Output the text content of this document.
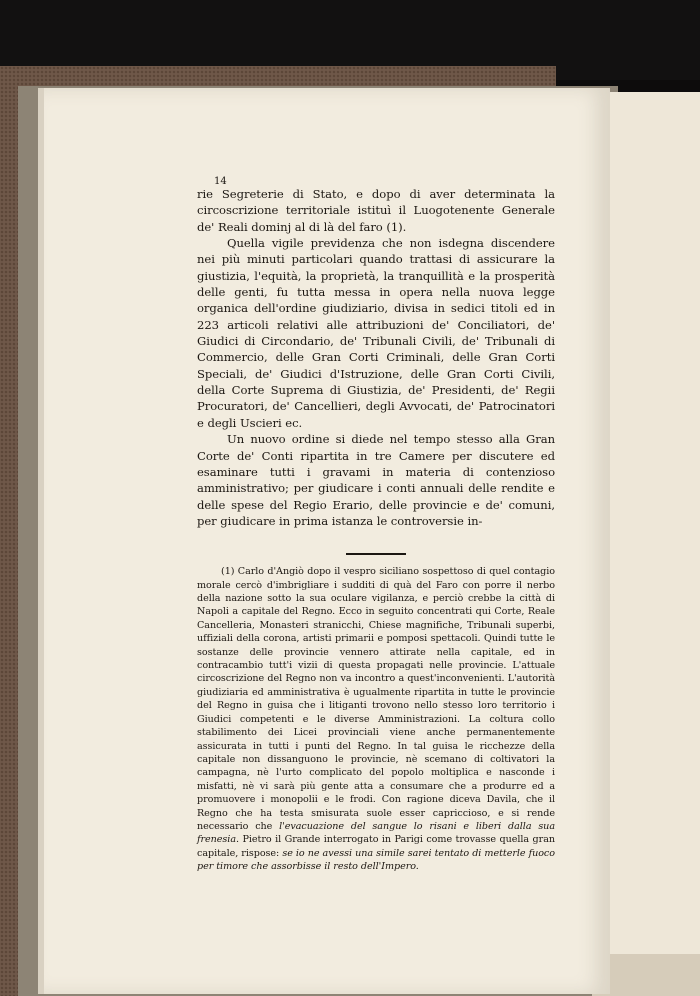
14

rie Segreterie di Stato, e dopo di aver determinata la circoscrizione territoriale istituì il Luogotenente Generale de' Reali dominj al di là del faro (1).

Quella vigile previdenza che non isdegna discendere nei più minuti particolari quando trattasi di assicurare la giustizia, l'equità, la proprietà, la tranquillità e la prosperità delle genti, fu tutta messa in opera nella nuova legge organica dell'ordine giudiziario, divisa in sedici titoli ed in 223 articoli relativi alle attribuzioni de' Conciliatori, de' Giudici di Circondario, de' Tribunali Civili, de' Tribunali di Commercio, delle Gran Corti Criminali, delle Gran Corti Speciali, de' Giudici d'Istruzione, delle Gran Corti Civili, della Corte Suprema di Giustizia, de' Presidenti, de' Regii Procuratori, de' Cancellieri, degli Avvocati, de' Patrocinatori e degli Uscieri ec.

Un nuovo ordine si diede nel tempo stesso alla Gran Corte de' Conti ripartita in tre Camere per discutere ed esaminare tutti i gravami in materia di contenzioso amministrativo; per giudicare i conti annuali delle rendite e delle spese del Regio Erario, delle provincie e de' comuni, per giudicare in prima istanza le controversie in-

(1) Carlo d'Angiò dopo il vespro siciliano sospettoso di quel contagio morale cercò d'imbrigliare i sudditi di quà del Faro con porre il nerbo della nazione sotto la sua oculare vigilanza, e perciò crebbe la città di Napoli a capitale del Regno. Ecco in seguito concentrati qui Corte, Reale Cancelleria, Monasteri stranicchi, Chiese magnifiche, Tribunali superbi, uffiziali della corona, artisti primarii e pomposi spettacoli. Quindi tutte le sostanze delle provincie vennero attirate nella capitale, ed in contracambio tutt'i vizii di questa propagati nelle provincie. L'attuale circoscrizione del Regno non va incontro a quest'inconvenienti. L'autorità giudiziaria ed amministrativa è ugualmente ripartita in tutte le provincie del Regno in guisa che i litiganti trovono nello stesso loro territorio i Giudici competenti e le diverse Amministrazioni. La coltura collo stabilimento dei Licei provinciali viene anche permanentemente assicurata in tutti i punti del Regno. In tal guisa le ricchezze della capitale non dissanguono le provincie, nè scemano di coltivatori la campagna, nè l'urto complicato del popolo moltiplica e nasconde i misfatti, nè vi sarà più gente atta a consumare che a produrre ed a promuovere i monopolii e le frodi. Con ragione diceva Davila, che il Regno che ha testa smisurata suole esser capriccioso, e si rende necessario che l'evacuazione del sangue lo risani e liberi dalla sua frenesia. Pietro il Grande interrogato in Parigi come trovasse quella gran capitale, rispose: se io ne avessi una simile sarei tentato di metterle fuoco per timore che assorbisse il resto dell'Impero.
